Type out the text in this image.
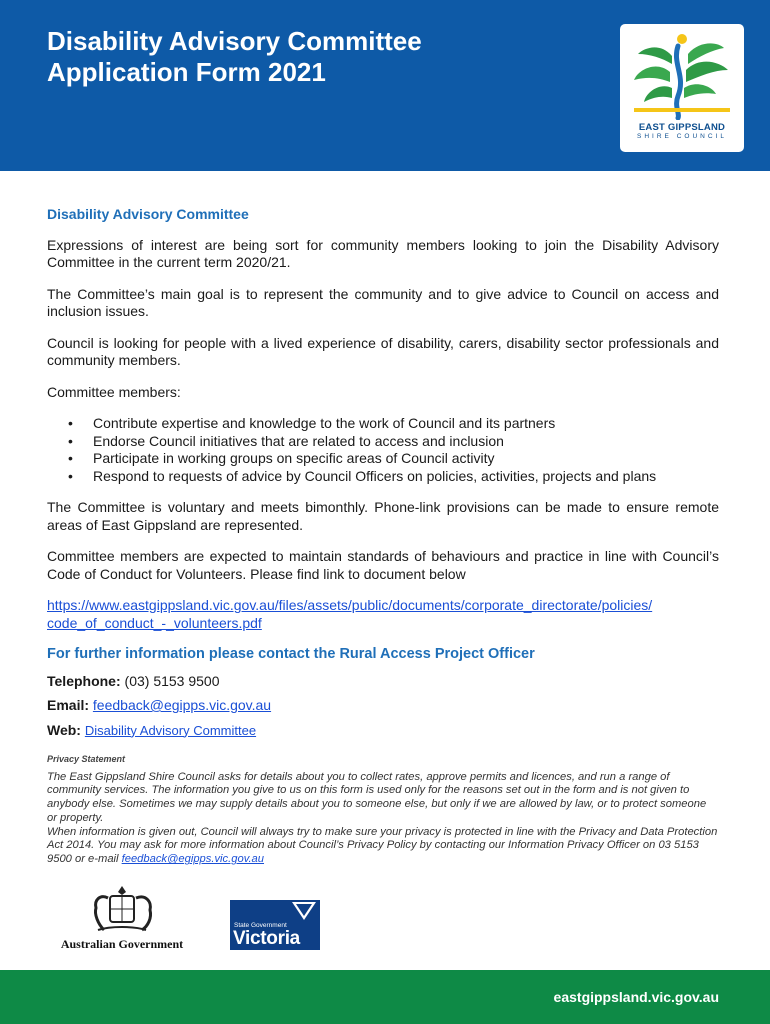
Disability Advisory Committee
Application Form 2021
EAST GIPPSLAND
SHIRE COUNCIL

Disability Advisory Committee

Expressions of interest are being sort for community members looking to join the Disability Advisory Committee in the current term 2020/21.

The Committee’s main goal is to represent the community and to give advice to Council on access and inclusion issues.

Council is looking for people with a lived experience of disability, carers, disability sector professionals and community members.

Committee members:

• Contribute expertise and knowledge to the work of Council and its partners
• Endorse Council initiatives that are related to access and inclusion
• Participate in working groups on specific areas of Council activity
• Respond to requests of advice by Council Officers on policies, activities, projects and plans

The Committee is voluntary and meets bimonthly. Phone-link provisions can be made to ensure remote areas of East Gippsland are represented.

Committee members are expected to maintain standards of behaviours and practice in line with Council’s Code of Conduct for Volunteers. Please find link to document below

https://www.eastgippsland.vic.gov.au/files/assets/public/documents/corporate_directorate/policies/
code_of_conduct_-_volunteers.pdf

For further information please contact the Rural Access Project Officer

Telephone: (03) 5153 9500

Email: feedback@egipps.vic.gov.au

Web: Disability Advisory Committee

Privacy Statement

The East Gippsland Shire Council asks for details about you to collect rates, approve permits and licences, and run a range of community services. The information you give to us on this form is used only for the reasons set out in the form and is not given to anybody else. Sometimes we may supply details about you to someone else, but only if we are allowed by law, or to protect someone or property.

When information is given out, Council will always try to make sure your privacy is protected in line with the Privacy and Data Protection Act 2014. You may ask for more information about Council’s Privacy Policy by contacting our Information Privacy Officer on 03 5153 9500 or e-mail feedback@egipps.vic.gov.au

Australian Government
State Government
Victoria
eastgippsland.vic.gov.au
